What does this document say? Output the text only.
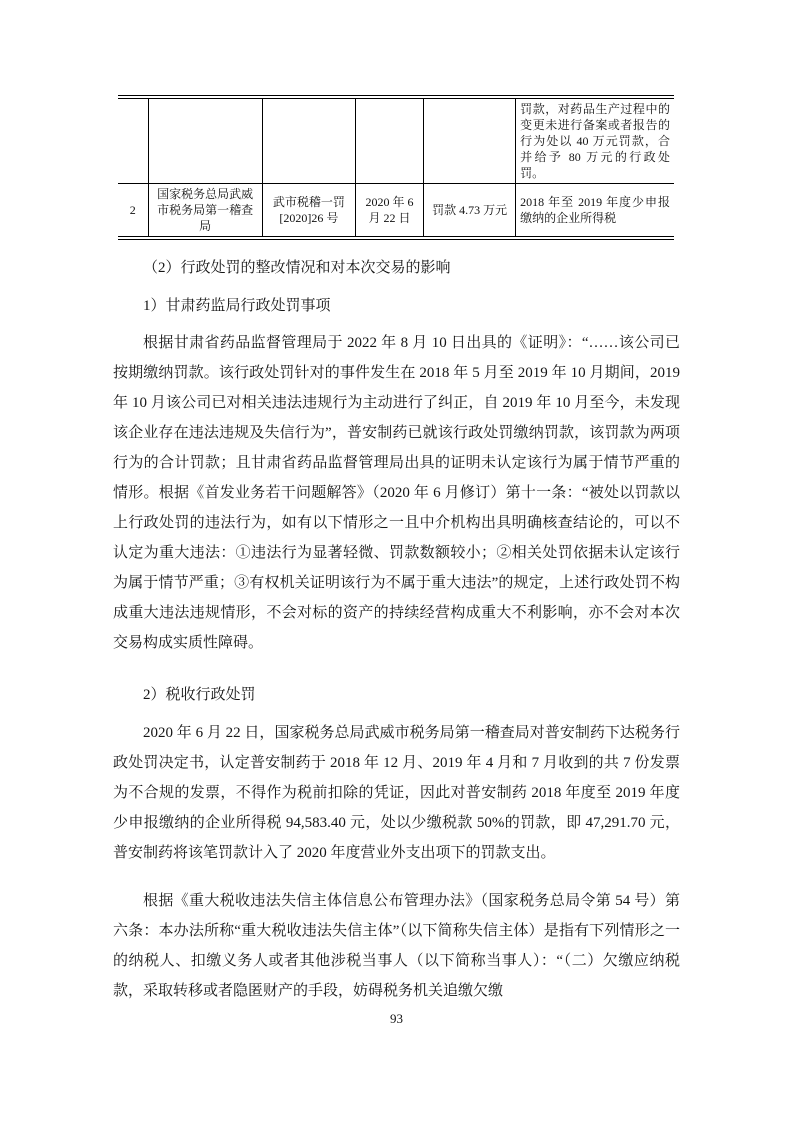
					罚款，对药品生产过程中的变更未进行备案或者报告的行为处以 40 万元罚款，合并给予 80 万元的行政处罚。
2	国家税务总局武威市税务局第一稽查局	武市税稽一罚[2020]26 号	2020 年 6 月 22 日	罚款 4.73 万元	2018 年至 2019 年度少申报缴纳的企业所得税

（2）行政处罚的整改情况和对本次交易的影响

1）甘肃药监局行政处罚事项

根据甘肃省药品监督管理局于 2022 年 8 月 10 日出具的《证明》：“……该公司已按期缴纳罚款。该行政处罚针对的事件发生在 2018 年 5 月至 2019 年 10 月期间，2019 年 10 月该公司已对相关违法违规行为主动进行了纠正，自 2019 年 10 月至今，未发现该企业存在违法违规及失信行为”，普安制药已就该行政处罚缴纳罚款，该罚款为两项行为的合计罚款；且甘肃省药品监督管理局出具的证明未认定该行为属于情节严重的情形。根据《首发业务若干问题解答》（2020 年 6 月修订）第十一条：“被处以罚款以上行政处罚的违法行为，如有以下情形之一且中介机构出具明确核查结论的，可以不认定为重大违法：①违法行为显著轻微、罚款数额较小；②相关处罚依据未认定该行为属于情节严重；③有权机关证明该行为不属于重大违法”的规定，上述行政处罚不构成重大违法违规情形，不会对标的资产的持续经营构成重大不利影响，亦不会对本次交易构成实质性障碍。

2）税收行政处罚

2020 年 6 月 22 日，国家税务总局武威市税务局第一稽查局对普安制药下达税务行政处罚决定书，认定普安制药于 2018 年 12 月、2019 年 4 月和 7 月收到的共 7 份发票为不合规的发票，不得作为税前扣除的凭证，因此对普安制药 2018 年度至 2019 年度少申报缴纳的企业所得税 94,583.40 元，处以少缴税款 50%的罚款，即 47,291.70 元，普安制药将该笔罚款计入了 2020 年度营业外支出项下的罚款支出。

根据《重大税收违法失信主体信息公布管理办法》（国家税务总局令第 54 号）第六条：本办法所称“重大税收违法失信主体”（以下简称失信主体）是指有下列情形之一的纳税人、扣缴义务人或者其他涉税当事人（以下简称当事人）：“（二）欠缴应纳税款，采取转移或者隐匿财产的手段，妨碍税务机关追缴欠缴

93
